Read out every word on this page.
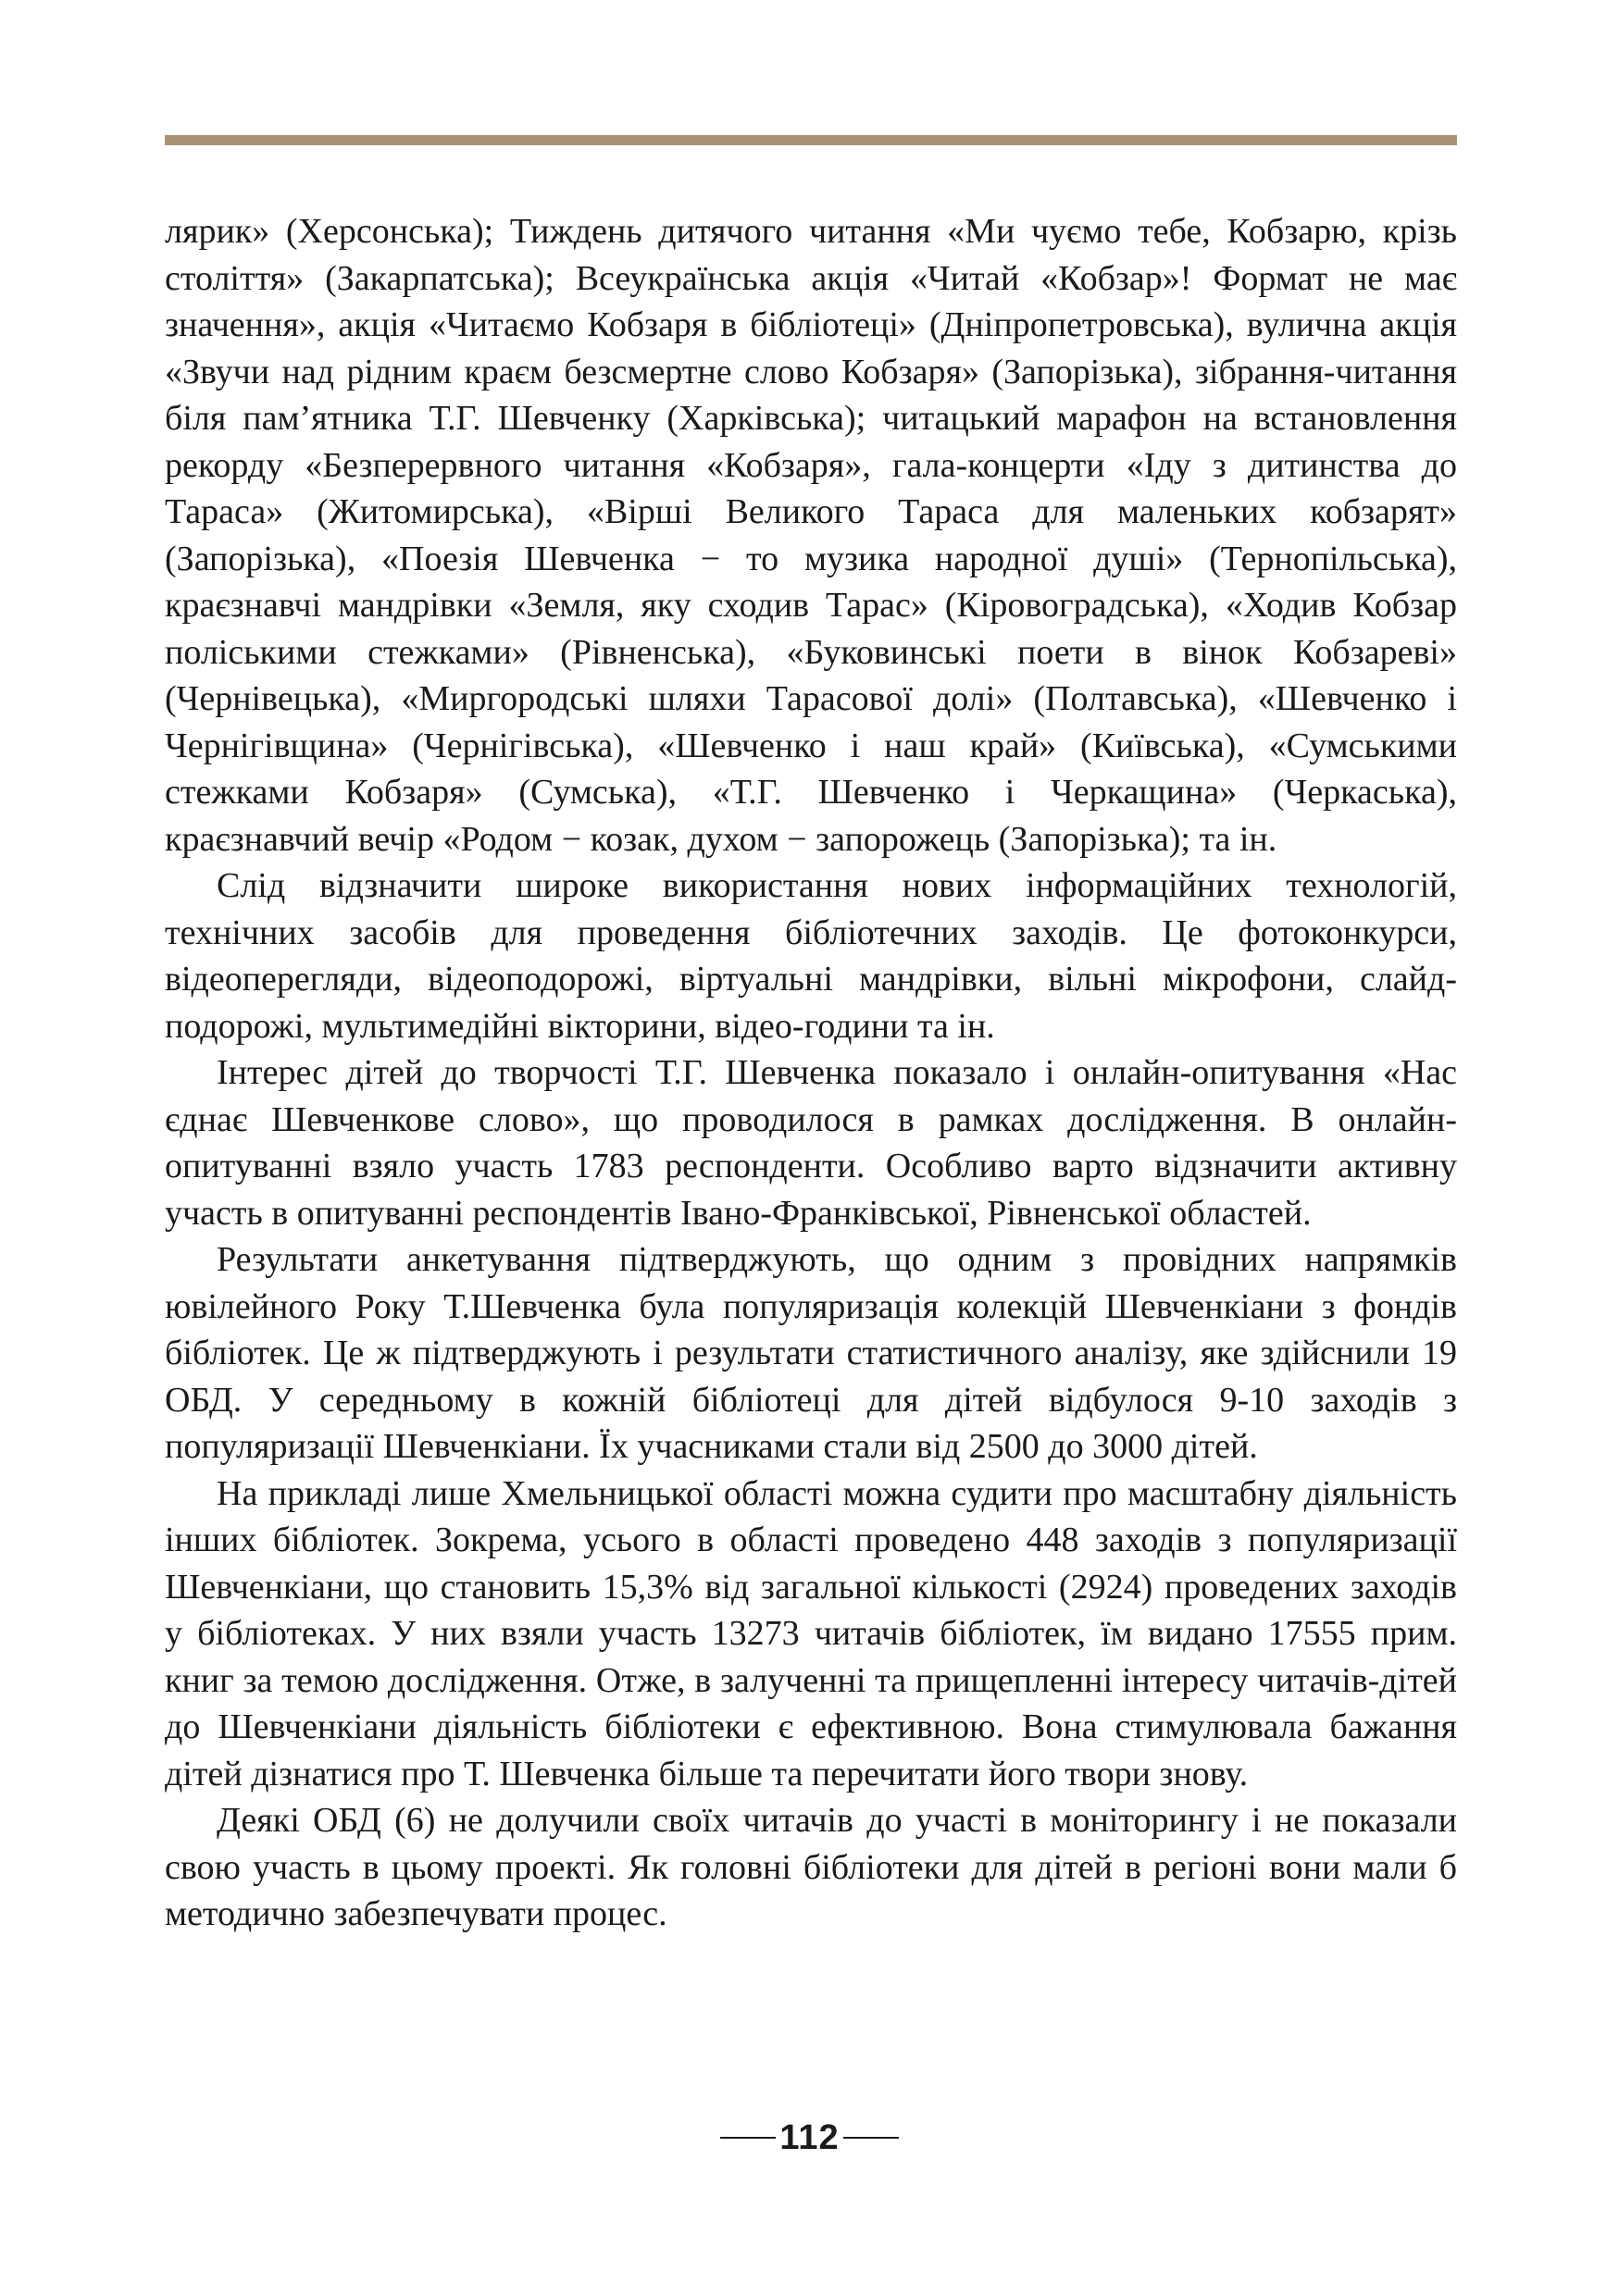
лярик» (Херсонська); Тиждень дитячого читання «Ми чуємо тебе, Кобзарю, крізь століття» (Закарпатська); Всеукраїнська акція «Читай «Кобзар»! Формат не має значення», акція «Читаємо Кобзаря в бібліотеці» (Дніпропетровська), вулична акція «Звучи над рідним краєм безсмертне слово Кобзаря» (Запорізька), зібрання-читання біля пам’ятника Т.Г. Шевченку (Харківська); читацький марафон на встановлення рекорду «Безперервного читання «Кобзаря», гала-концерти «Іду з дитинства до Тараса» (Житомирська), «Вірші Великого Тараса для маленьких кобзарят» (Запорізька), «Поезія Шевченка − то музика народної душі» (Тернопільська), краєзнавчі мандрівки «Земля, яку сходив Тарас» (Кіровоградська), «Ходив Кобзар поліськими стежками» (Рівненська), «Буковинські поети в вінок Кобзареві» (Чернівецька), «Миргородські шляхи Тарасової долі» (Полтавська), «Шевченко і Чернігівщина» (Чернігівська), «Шевченко і наш край» (Київська), «Сумськими стежками Кобзаря» (Сумська), «Т.Г. Шевченко і Черкащина» (Черкаська), краєзнавчий вечір «Родом − козак, духом − запорожець (Запорізька); та ін.

Слід відзначити широке використання нових інформаційних технологій, технічних засобів для проведення бібліотечних заходів. Це фотоконкурси, відеоперегляди, відеоподорожі, віртуальні мандрівки, вільні мікрофони, слайд-подорожі, мультимедійні вікторини, відео-години та ін.

Інтерес дітей до творчості Т.Г. Шевченка показало і онлайн-опитування «Нас єднає Шевченкове слово», що проводилося в рамках дослідження. В онлайн-опитуванні взяло участь 1783 респонденти. Особливо варто відзначити активну участь в опитуванні респондентів Івано-Франківської, Рівненської областей.

Результати анкетування підтверджують, що одним з провідних напрямків ювілейного Року Т.Шевченка була популяризація колекцій Шевченкіани з фондів бібліотек. Це ж підтверджують і результати статистичного аналізу, яке здійснили 19 ОБД. У середньому в кожній бібліотеці для дітей відбулося 9-10 заходів з популяризації Шевченкіани. Їх учасниками стали від 2500 до 3000 дітей.

На прикладі лише Хмельницької області можна судити про масштабну діяльність інших бібліотек. Зокрема, усього в області проведено 448 заходів з популяризації Шевченкіани, що становить 15,3% від загальної кількості (2924) проведених заходів у бібліотеках. У них взяли участь 13273 читачів бібліотек, їм видано 17555 прим. книг за темою дослідження. Отже, в залученні та прищепленні інтересу читачів-дітей до Шевченкіани діяльність бібліотеки є ефективною. Вона стимулювала бажання дітей дізнатися про Т. Шевченка більше та перечитати його твори знову.

Деякі ОБД (6) не долучили своїх читачів до участі в моніторингу і не показали свою участь в цьому проекті. Як головні бібліотеки для дітей в регіоні вони мали б методично забезпечувати процес.

112
